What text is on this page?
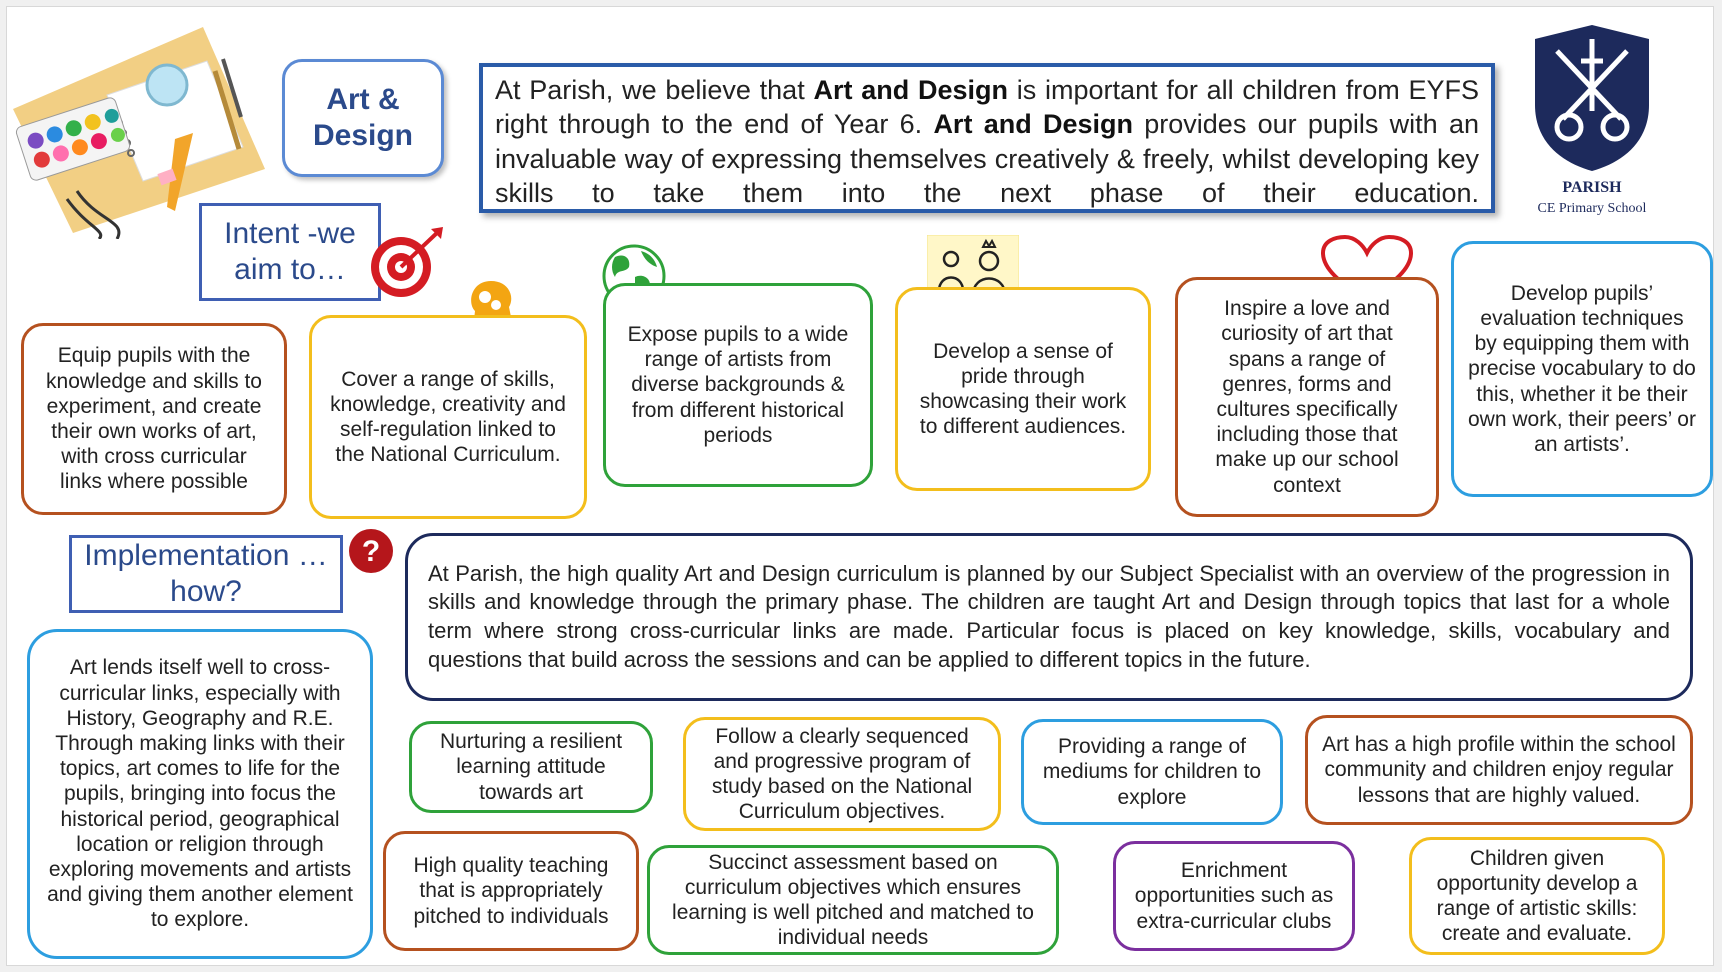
Art &
Design
At Parish, we believe that Art and Design is important for all children from EYFS right through to the end of Year 6. Art and Design provides our pupils with an invaluable way of expressing themselves creatively & freely, whilst developing key skills to take them into the next phase of their education.	PARISH
CE Primary School
Intent -we aim to…
Equip pupils with the knowledge and skills to experiment, and create their own works of art, with cross curricular links where possible
Cover a range of skills, knowledge, creativity and self-regulation linked to the National Curriculum.
Expose pupils to a wide range of artists from diverse backgrounds & from different historical periods
Develop a sense of pride through showcasing their work to different audiences.
Inspire a love and curiosity of art that spans a range of genres, forms and cultures specifically including those that make up our school context
Develop pupils’ evaluation techniques by equipping them with precise vocabulary to do this, whether it be their own work, their peers’ or an artists’.
Implementation … how?
?
At Parish, the high quality Art and Design curriculum is planned by our Subject Specialist with an overview of the progression in skills and knowledge through the primary phase. The children are taught Art and Design through topics that last for a whole term where strong cross-curricular links are made. Particular focus is placed on key knowledge, skills, vocabulary and questions that build across the sessions and can be applied to different topics in the future.
Art lends itself well to cross-curricular links, especially with History, Geography and R.E. Through making links with their topics, art comes to life for the pupils, bringing into focus the historical period, geographical location or religion through exploring movements and artists and giving them another element to explore.
Nurturing a resilient learning attitude towards art
Follow a clearly sequenced and progressive program of study based on the National Curriculum objectives.
Providing a range of mediums for children to explore
Art has a high profile within the school community and children enjoy regular lessons that are highly valued.
High quality teaching that is appropriately pitched to individuals
Succinct assessment based on curriculum objectives which ensures learning is well pitched and matched to individual needs
Enrichment opportunities such as extra-curricular clubs
Children given opportunity develop a range of artistic skills: create and evaluate.
